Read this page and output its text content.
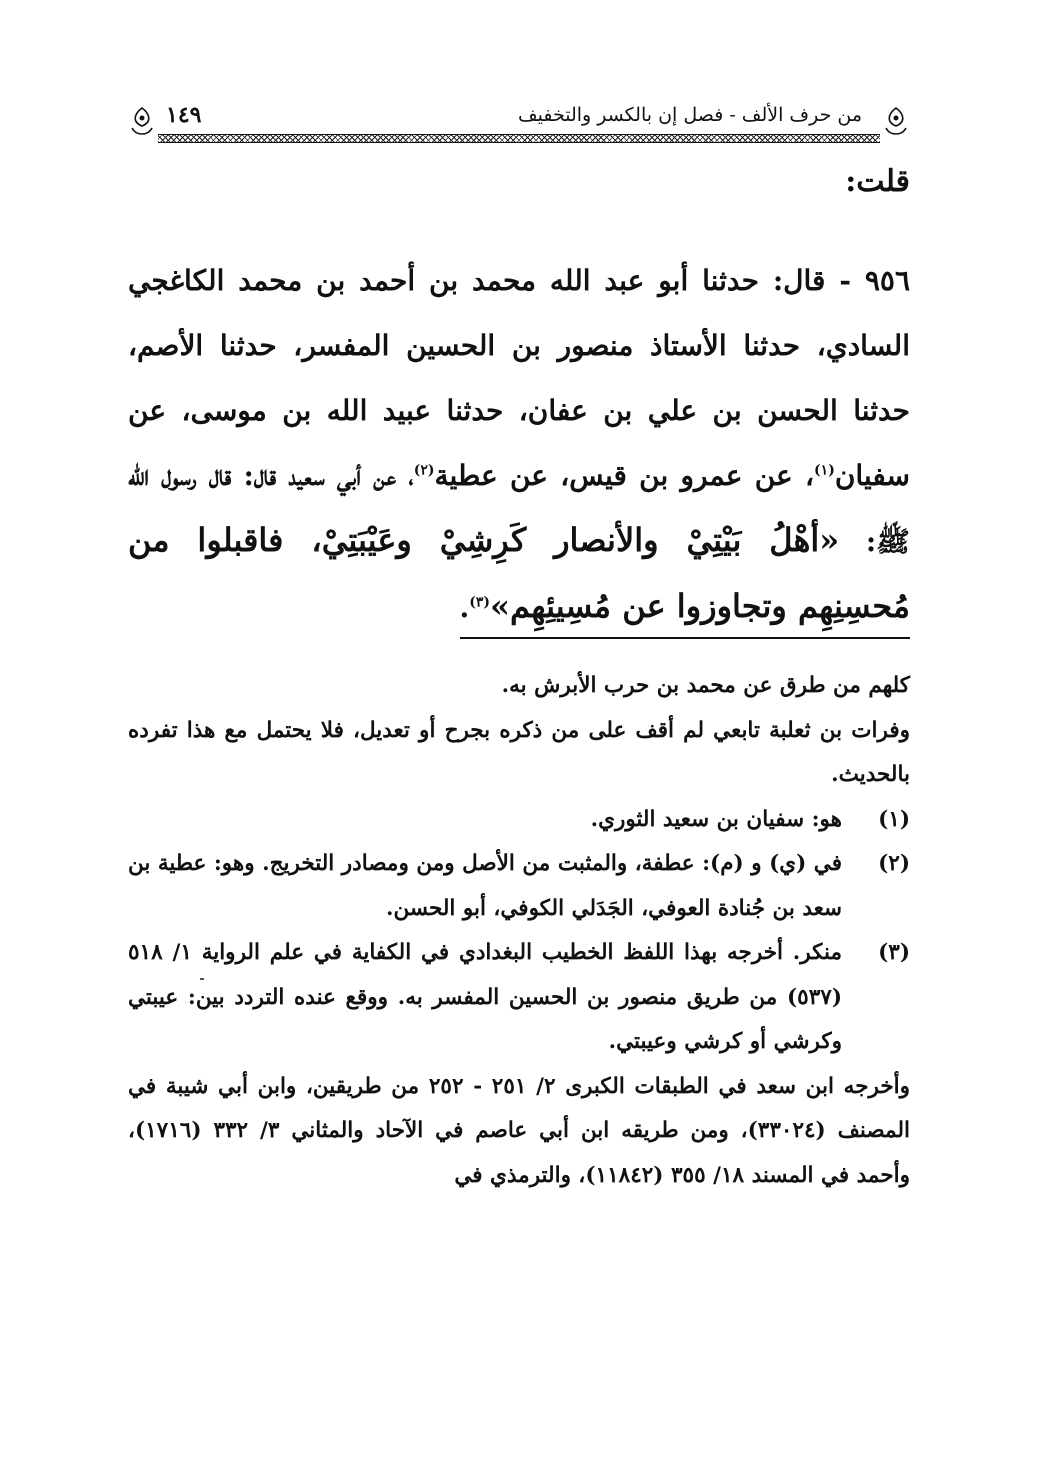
من حرف الألف - فصل إن بالكسر والتخفيف
١٤٩
قلت:
٩٥٦ - قال: حدثنا أبو عبد الله محمد بن أحمد بن محمد الكاغجي السادي، حدثنا الأستاذ منصور بن الحسين المفسر، حدثنا الأصم، حدثنا الحسن بن علي بن عفان، حدثنا عبيد الله بن موسى، عن سفيان$^{(١)}$، عن عمرو بن قيس، عن عطية$^{(٢)}$، عن أبي سعيد قال: قال رسول الله ﷺ: «أهْلُ بَيْتِيْ والأنصار كَرِشِيْ وعَيْبَتِيْ، فاقبلوا من مُحسِنِهِم وتجاوزوا عن مُسِيئِهِم»$^{(٣)}$.

كلهم من طرق عن محمد بن حرب الأبرش به.

وفرات بن ثعلبة تابعي لم أقف على من ذكره بجرح أو تعديل، فلا يحتمل مع هذا تفرده بالحديث.

(١)
هو: سفيان بن سعيد الثوري.
(٢)
في (ي) و (م): عطفة، والمثبت من الأصل ومن ومصادر التخريج. وهو: عطية بن سعد بن جُنادة العوفي، الجَدَلي الكوفي، أبو الحسن.
(٣)
منكر. أخرجه بهذا اللفظ الخطيب البغدادي في الكفاية في علم الرواية ١/ ٥١٨ (٥٣٧) من طريق منصور بن الحسين المفسر به. ووقع عنده التردد بين: عيبتي وكرشي أو كرشي وعيبتي.

وأخرجه ابن سعد في الطبقات الكبرى ٢/ ٢٥١ - ٢٥٢ من طريقين، وابن أبي شيبة في المصنف (٣٣٠٢٤)، ومن طريقه ابن أبي عاصم في الآحاد والمثاني ٣/ ٣٣٢ (١٧١٦)، وأحمد في المسند ١٨/ ٣٥٥ (١١٨٤٢)، والترمذي في
